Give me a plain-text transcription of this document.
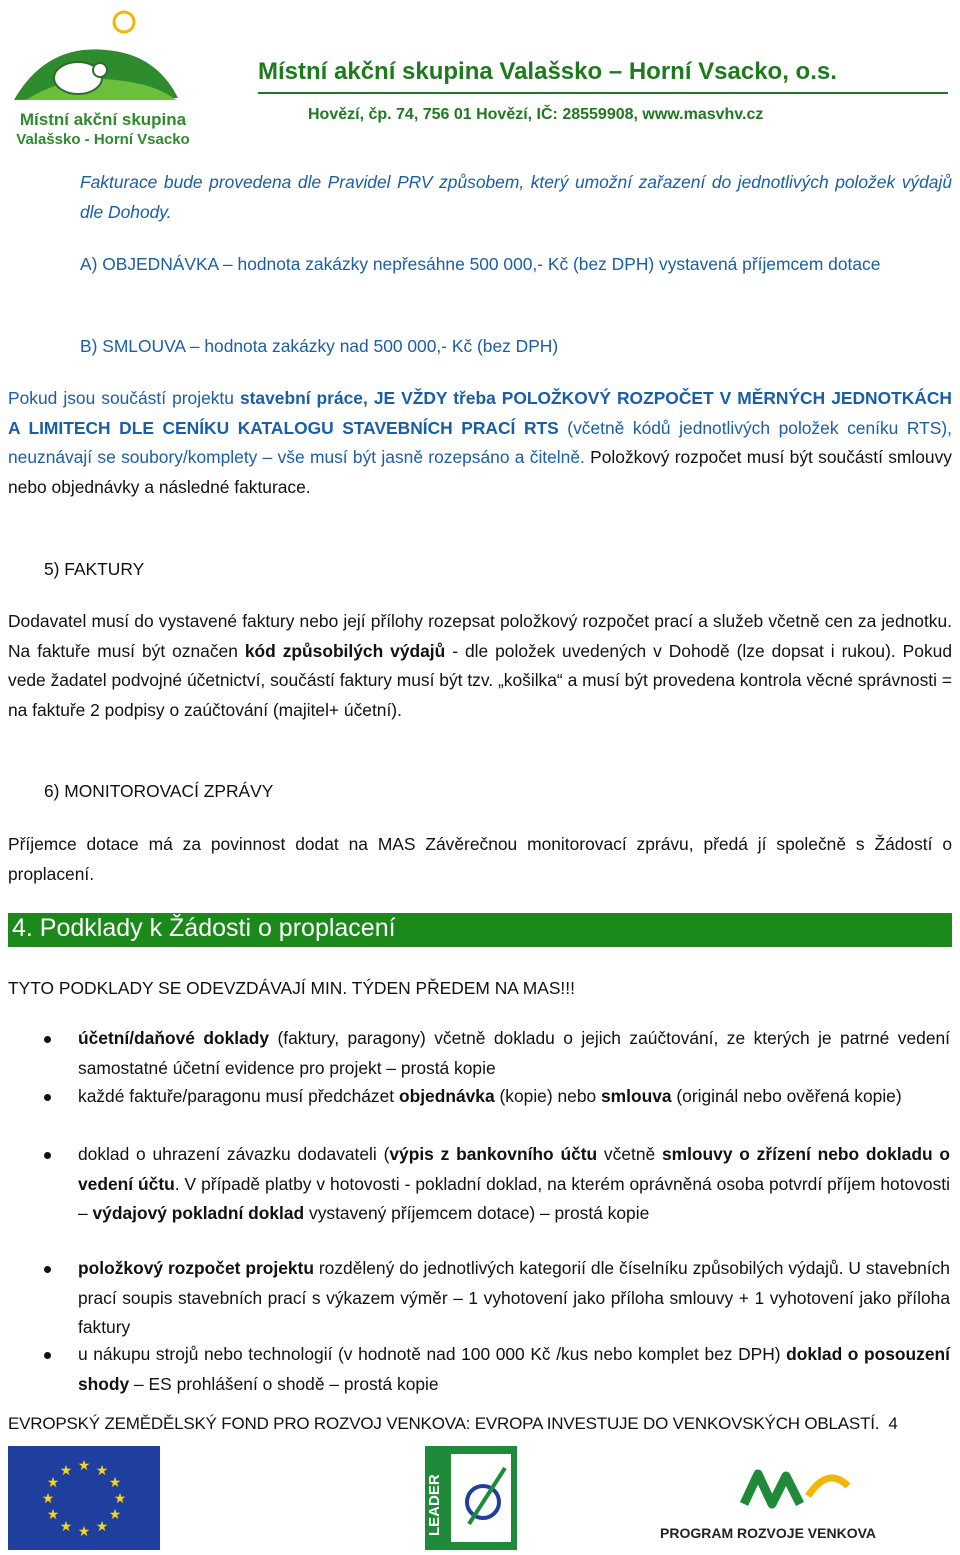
Místní akční skupina
Valašsko - Horní Vsacko
Místní akční skupina Valašsko – Horní Vsacko, o.s.
Hovězí, čp. 74, 756 01 Hovězí, IČ: 28559908, www.masvhv.cz
Fakturace bude provedena dle Pravidel PRV způsobem, který umožní zařazení do jednotlivých položek výdajů dle Dohody.
A) OBJEDNÁVKA – hodnota zakázky nepřesáhne 500 000,- Kč (bez DPH) vystavená příjemcem dotace
B) SMLOUVA – hodnota zakázky nad 500 000,- Kč (bez DPH)
Pokud jsou součástí projektu stavební práce, JE VŽDY třeba POLOŽKOVÝ ROZPOČET V MĚRNÝCH JEDNOTKÁCH A LIMITECH DLE CENÍKU KATALOGU STAVEBNÍCH PRACÍ RTS (včetně kódů jednotlivých položek ceníku RTS), neuznávají se soubory/komplety – vše musí být jasně rozepsáno a čitelně. Položkový rozpočet musí být součástí smlouvy nebo objednávky a následné fakturace.
5) FAKTURY
Dodavatel musí do vystavené faktury nebo její přílohy rozepsat položkový rozpočet prací a služeb včetně cen za jednotku. Na faktuře musí být označen kód způsobilých výdajů - dle položek uvedených v Dohodě (lze dopsat i rukou). Pokud vede žadatel podvojné účetnictví, součástí faktury musí být tzv. „košilka“ a musí být provedena kontrola věcné správnosti = na faktuře 2 podpisy o zaúčtování (majitel+ účetní).
6) MONITOROVACÍ ZPRÁVY
Příjemce dotace má za povinnost dodat na MAS Závěrečnou monitorovací zprávu, předá jí společně s Žádostí o proplacení.
4. Podklady k Žádosti o proplacení
TYTO PODKLADY SE ODEVZDÁVAJÍ MIN. TÝDEN PŘEDEM NA MAS!!!
účetní/daňové doklady (faktury, paragony) včetně dokladu o jejich zaúčtování, ze kterých je patrné vedení samostatné účetní evidence pro projekt – prostá kopie
každé faktuře/paragonu musí předcházet objednávka (kopie) nebo smlouva (originál nebo ověřená kopie)
doklad o uhrazení závazku dodavateli (výpis z bankovního účtu včetně smlouvy o zřízení nebo dokladu o vedení účtu. V případě platby v hotovosti - pokladní doklad, na kterém oprávněná osoba potvrdí příjem hotovosti – výdajový pokladní doklad vystavený příjemcem dotace) – prostá kopie
položkový rozpočet projektu rozdělený do jednotlivých kategorií dle číselníku způsobilých výdajů. U stavebních prací soupis stavebních prací s výkazem výměr – 1 vyhotovení jako příloha smlouvy + 1 vyhotovení jako příloha faktury
u nákupu strojů nebo technologií (v hodnotě nad 100 000 Kč /kus nebo komplet bez DPH) doklad o posouzení shody – ES prohlášení o shodě – prostá kopie
EVROPSKÝ ZEMĚDĚLSKÝ FOND PRO ROZVOJ VENKOVA: EVROPA INVESTUJE DO VENKOVSKÝCH OBLASTÍ. 4
★ ★
★
★
★
★
★
★
★
★
★
★
LEADER	PROGRAM ROZVOJE VENKOVA
